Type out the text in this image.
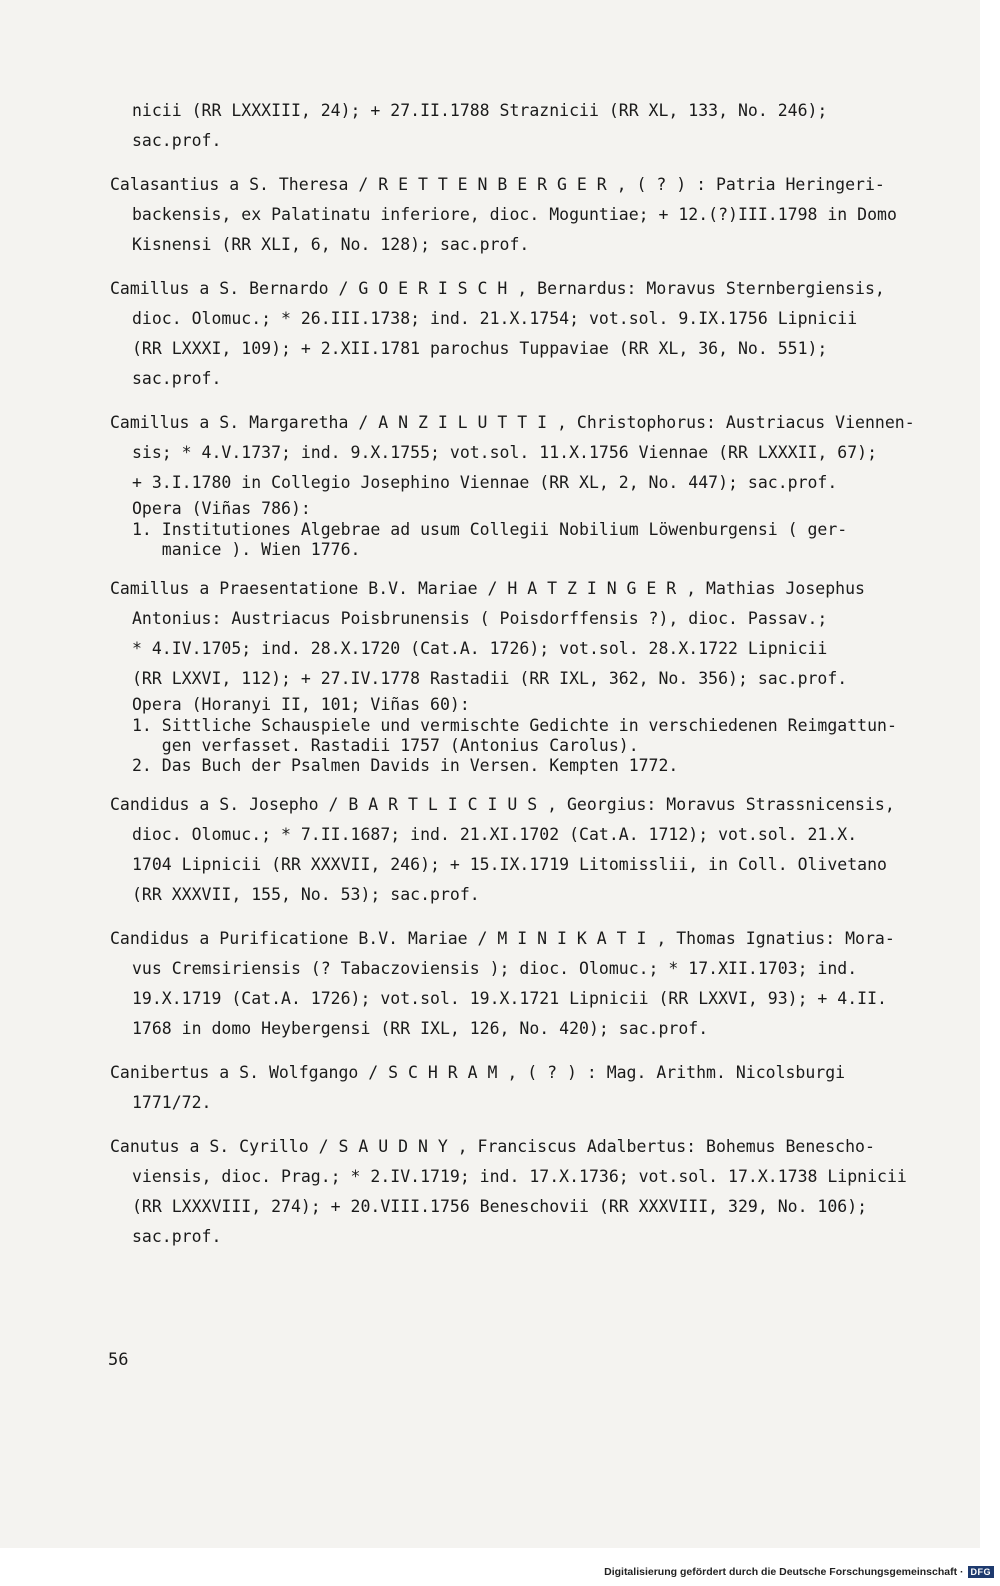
nicii (RR LXXXIII, 24); + 27.II.1788 Straznicii (RR XL, 133, No. 246);
sac.prof.
Calasantius a S. Theresa / R E T T E N B E R G E R , ( ? ) : Patria Heringeri-
backensis, ex Palatinatu inferiore, dioc. Moguntiae; + 12.(?)III.1798 in Domo
Kisnensi (RR XLI, 6, No. 128); sac.prof.
Camillus a S. Bernardo / G O E R I S C H , Bernardus: Moravus Sternbergiensis,
dioc. Olomuc.; * 26.III.1738; ind. 21.X.1754; vot.sol. 9.IX.1756 Lipnicii
(RR LXXXI, 109); + 2.XII.1781 parochus Tuppaviae (RR XL, 36, No. 551);
sac.prof.
Camillus a S. Margaretha / A N Z I L U T T I , Christophorus: Austriacus Viennen-
sis; * 4.V.1737; ind. 9.X.1755; vot.sol. 11.X.1756 Viennae (RR LXXXII, 67);
+ 3.I.1780 in Collegio Josephino Viennae (RR XL, 2, No. 447); sac.prof.
Opera (Viñas 786):
1. Institutiones Algebrae ad usum Collegii Nobilium Löwenburgensi ( ger-
manice ). Wien 1776.
Camillus a Praesentatione B.V. Mariae / H A T Z I N G E R , Mathias Josephus
Antonius: Austriacus Poisbrunensis ( Poisdorffensis ?), dioc. Passav.;
* 4.IV.1705; ind. 28.X.1720 (Cat.A. 1726); vot.sol. 28.X.1722 Lipnicii
(RR LXXVI, 112); + 27.IV.1778 Rastadii (RR IXL, 362, No. 356); sac.prof.
Opera (Horanyi II, 101; Viñas 60):
1. Sittliche Schauspiele und vermischte Gedichte in verschiedenen Reimgattun-
gen verfasset. Rastadii 1757 (Antonius Carolus).
2. Das Buch der Psalmen Davids in Versen. Kempten 1772.
Candidus a S. Josepho / B A R T L I C I U S , Georgius: Moravus Strassnicensis,
dioc. Olomuc.; * 7.II.1687; ind. 21.XI.1702 (Cat.A. 1712); vot.sol. 21.X.
1704 Lipnicii (RR XXXVII, 246); + 15.IX.1719 Litomisslii, in Coll. Olivetano
(RR XXXVII, 155, No. 53); sac.prof.
Candidus a Purificatione B.V. Mariae / M I N I K A T I , Thomas Ignatius: Mora-
vus Cremsiriensis (? Tabaczoviensis ); dioc. Olomuc.; * 17.XII.1703; ind.
19.X.1719 (Cat.A. 1726); vot.sol. 19.X.1721 Lipnicii (RR LXXVI, 93); + 4.II.
1768 in domo Heybergensi (RR IXL, 126, No. 420); sac.prof.
Canibertus a S. Wolfgango / S C H R A M , ( ? ) : Mag. Arithm. Nicolsburgi
1771/72.
Canutus a S. Cyrillo / S A U D N Y , Franciscus Adalbertus: Bohemus Beneschо-
viensis, dioc. Prag.; * 2.IV.1719; ind. 17.X.1736; vot.sol. 17.X.1738 Lipnicii
(RR LXXXVIII, 274); + 20.VIII.1756 Beneschovii (RR XXXVIII, 329, No. 106);
sac.prof.
56
Digitalisierung gefördert durch die Deutsche Forschungsgemeinschaft · DFG
